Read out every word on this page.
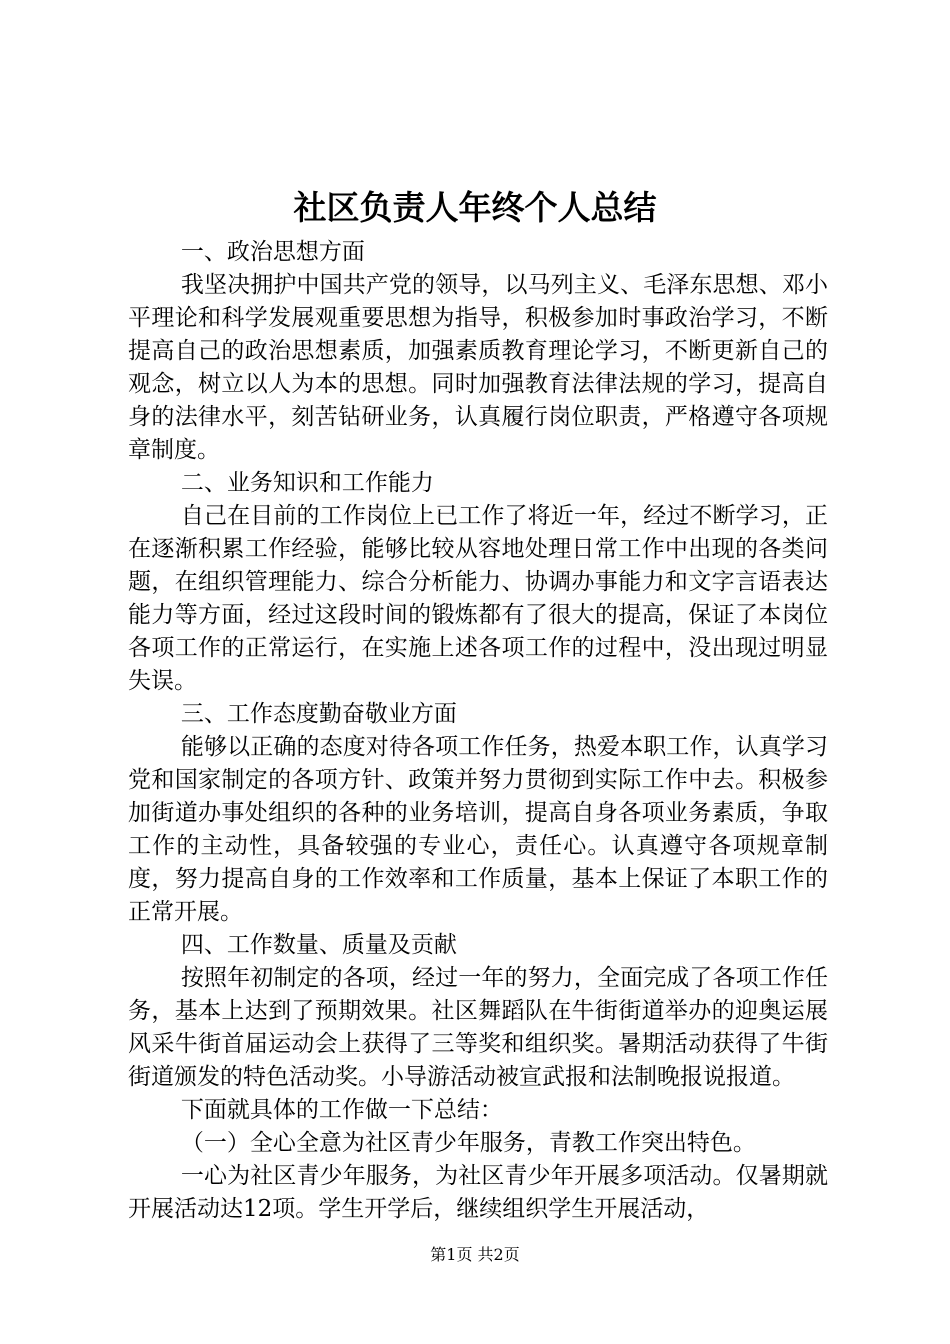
社区负责人年终个人总结

一、政治思想方面

我坚决拥护中国共产党的领导，以马列主义、毛泽东思想、邓小平理论和科学发展观重要思想为指导，积极参加时事政治学习，不断提高自己的政治思想素质，加强素质教育理论学习，不断更新自己的观念，树立以人为本的思想。同时加强教育法律法规的学习，提高自身的法律水平，刻苦钻研业务，认真履行岗位职责，严格遵守各项规章制度。

二、业务知识和工作能力

自己在目前的工作岗位上已工作了将近一年，经过不断学习，正在逐渐积累工作经验，能够比较从容地处理日常工作中出现的各类问题，在组织管理能力、综合分析能力、协调办事能力和文字言语表达能力等方面，经过这段时间的锻炼都有了很大的提高，保证了本岗位各项工作的正常运行，在实施上述各项工作的过程中，没出现过明显失误。

三、工作态度勤奋敬业方面

能够以正确的态度对待各项工作任务，热爱本职工作，认真学习党和国家制定的各项方针、政策并努力贯彻到实际工作中去。积极参加街道办事处组织的各种的业务培训，提高自身各项业务素质，争取工作的主动性，具备较强的专业心，责任心。认真遵守各项规章制度，努力提高自身的工作效率和工作质量，基本上保证了本职工作的正常开展。

四、工作数量、质量及贡献

按照年初制定的各项，经过一年的努力，全面完成了各项工作任务，基本上达到了预期效果。社区舞蹈队在牛街街道举办的迎奥运展风采牛街首届运动会上获得了三等奖和组织奖。暑期活动获得了牛街街道颁发的特色活动奖。小导游活动被宣武报和法制晚报说报道。

下面就具体的工作做一下总结：

（一）全心全意为社区青少年服务，青教工作突出特色。

一心为社区青少年服务，为社区青少年开展多项活动。仅暑期就开展活动达12项。学生开学后，继续组织学生开展活动，

第1页 共2页
